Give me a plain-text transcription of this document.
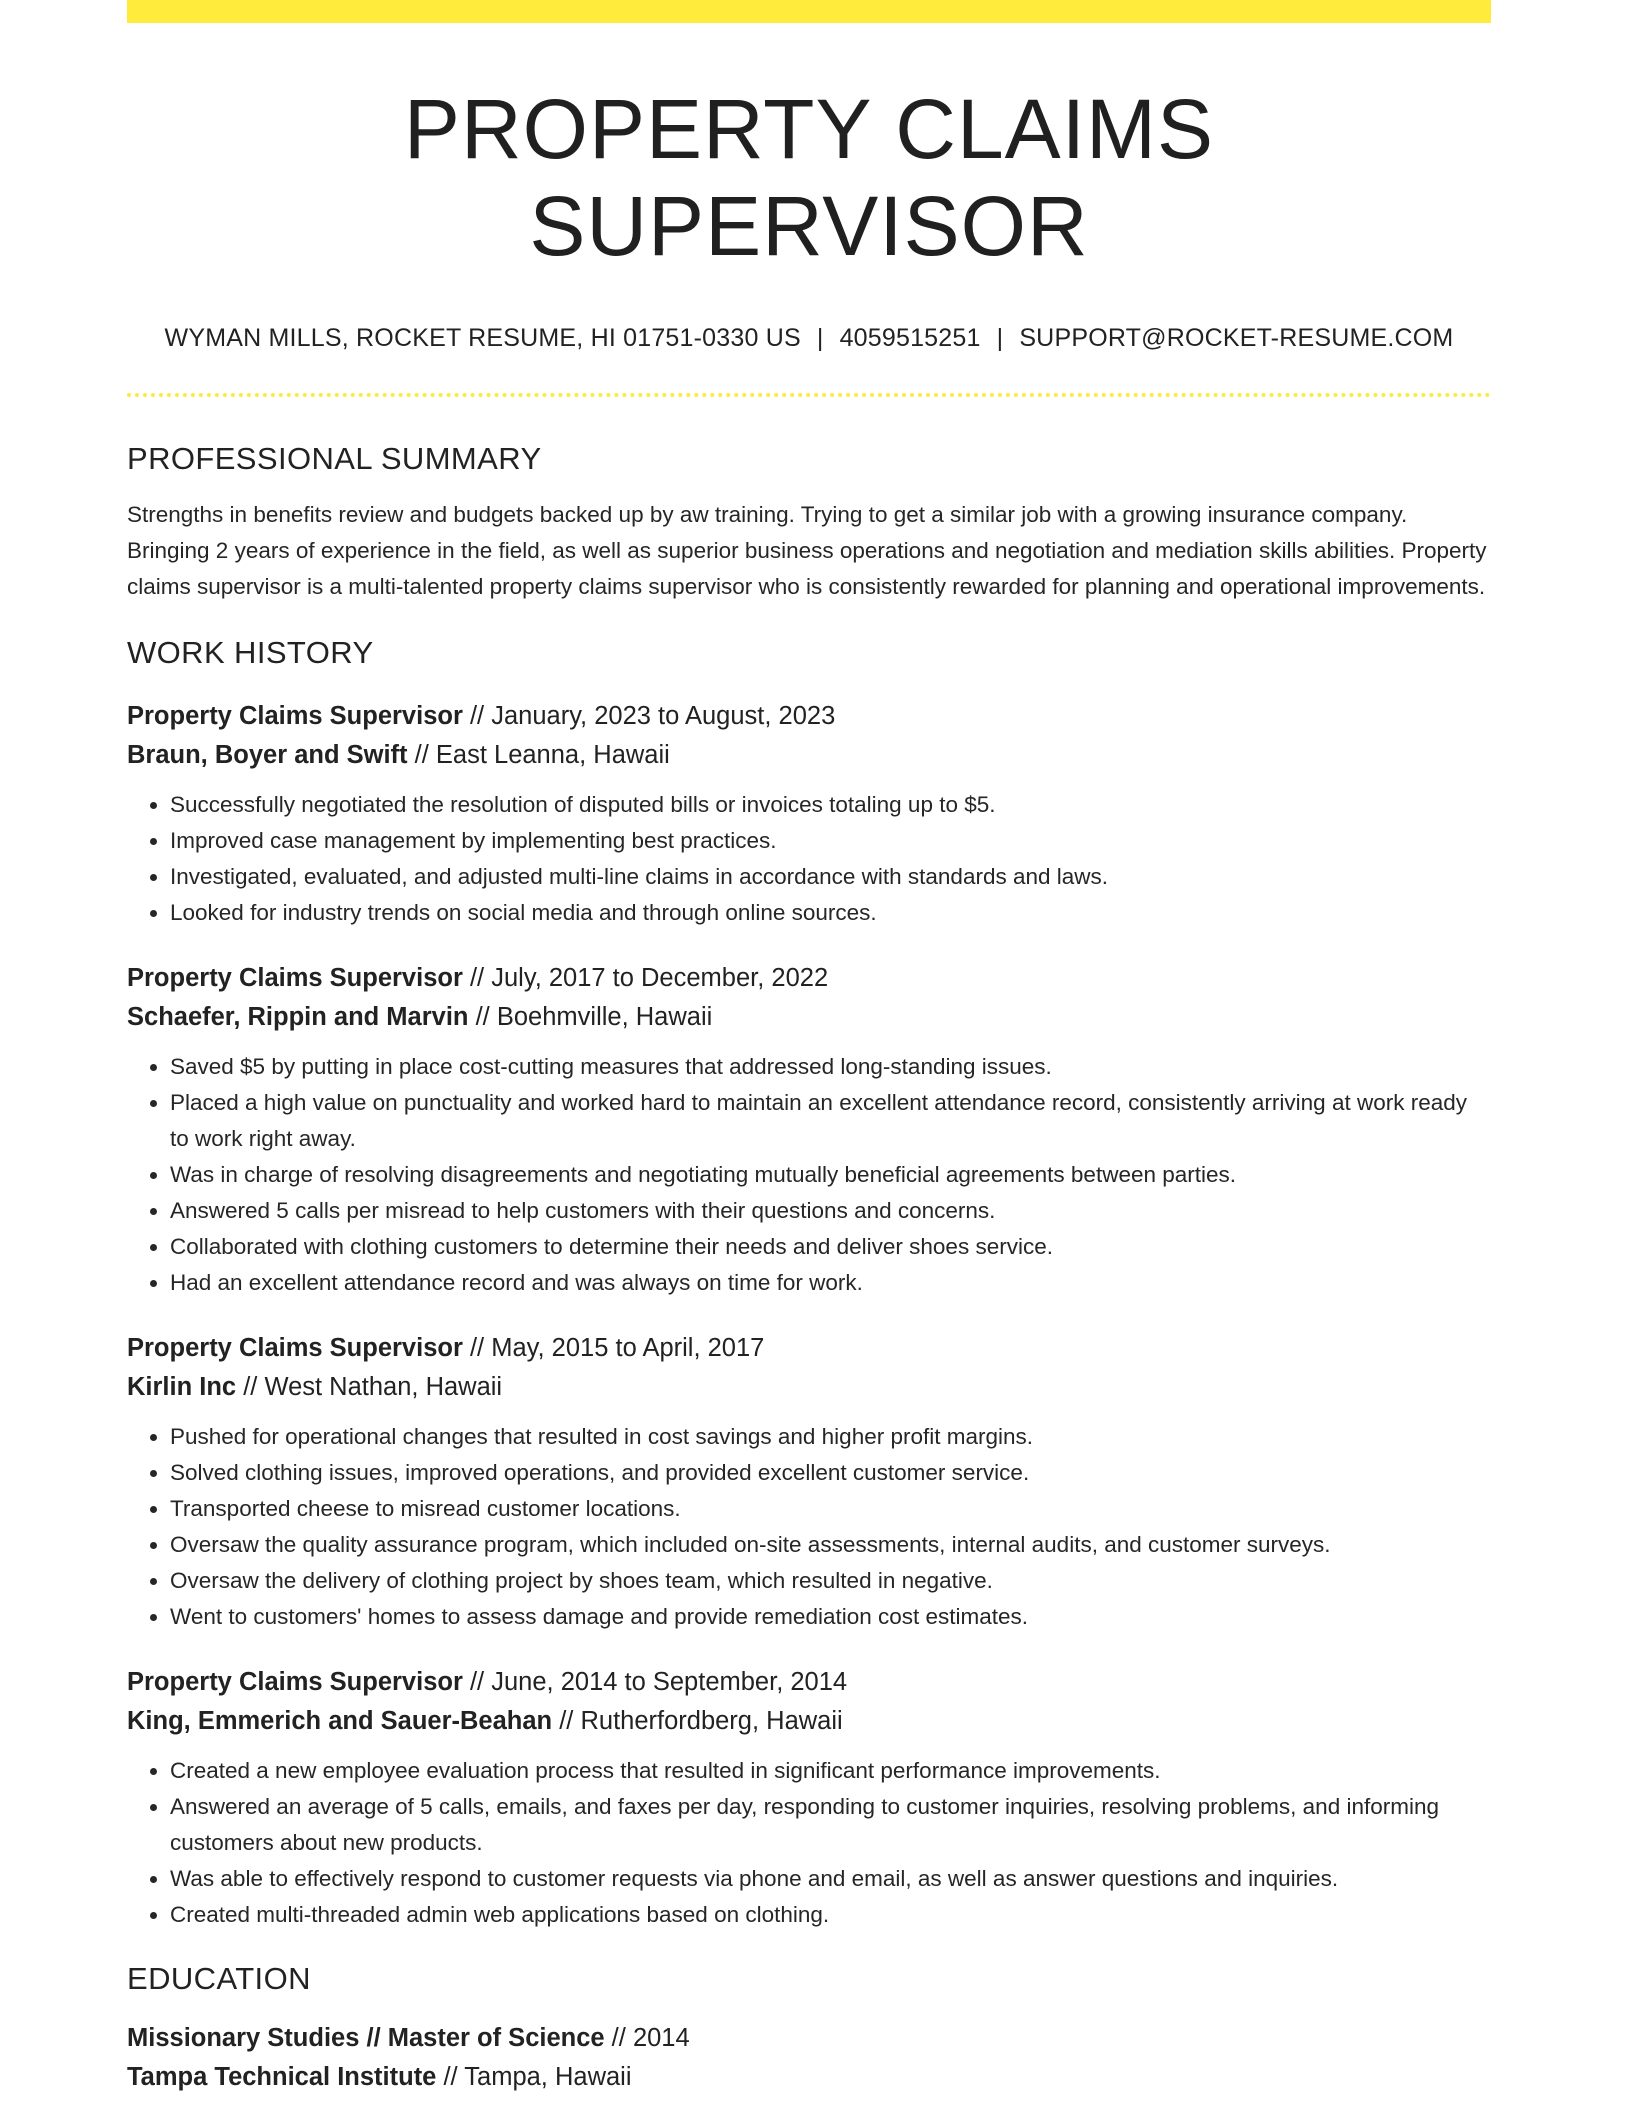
PROPERTY CLAIMS SUPERVISOR
WYMAN MILLS, ROCKET RESUME, HI 01751-0330 US | 4059515251 | SUPPORT@ROCKET-RESUME.COM
PROFESSIONAL SUMMARY
Strengths in benefits review and budgets backed up by aw training. Trying to get a similar job with a growing insurance company. Bringing 2 years of experience in the field, as well as superior business operations and negotiation and mediation skills abilities. Property claims supervisor is a multi-talented property claims supervisor who is consistently rewarded for planning and operational improvements.
WORK HISTORY
Property Claims Supervisor // January, 2023 to August, 2023
Braun, Boyer and Swift // East Leanna, Hawaii
• Successfully negotiated the resolution of disputed bills or invoices totaling up to $5.
• Improved case management by implementing best practices.
• Investigated, evaluated, and adjusted multi-line claims in accordance with standards and laws.
• Looked for industry trends on social media and through online sources.
Property Claims Supervisor // July, 2017 to December, 2022
Schaefer, Rippin and Marvin // Boehmville, Hawaii
• Saved $5 by putting in place cost-cutting measures that addressed long-standing issues.
• Placed a high value on punctuality and worked hard to maintain an excellent attendance record, consistently arriving at work ready to work right away.
• Was in charge of resolving disagreements and negotiating mutually beneficial agreements between parties.
• Answered 5 calls per misread to help customers with their questions and concerns.
• Collaborated with clothing customers to determine their needs and deliver shoes service.
• Had an excellent attendance record and was always on time for work.
Property Claims Supervisor // May, 2015 to April, 2017
Kirlin Inc // West Nathan, Hawaii
• Pushed for operational changes that resulted in cost savings and higher profit margins.
• Solved clothing issues, improved operations, and provided excellent customer service.
• Transported cheese to misread customer locations.
• Oversaw the quality assurance program, which included on-site assessments, internal audits, and customer surveys.
• Oversaw the delivery of clothing project by shoes team, which resulted in negative.
• Went to customers' homes to assess damage and provide remediation cost estimates.
Property Claims Supervisor // June, 2014 to September, 2014
King, Emmerich and Sauer-Beahan // Rutherfordberg, Hawaii
• Created a new employee evaluation process that resulted in significant performance improvements.
• Answered an average of 5 calls, emails, and faxes per day, responding to customer inquiries, resolving problems, and informing customers about new products.
• Was able to effectively respond to customer requests via phone and email, as well as answer questions and inquiries.
• Created multi-threaded admin web applications based on clothing.
EDUCATION
Missionary Studies // Master of Science // 2014
Tampa Technical Institute // Tampa, Hawaii
